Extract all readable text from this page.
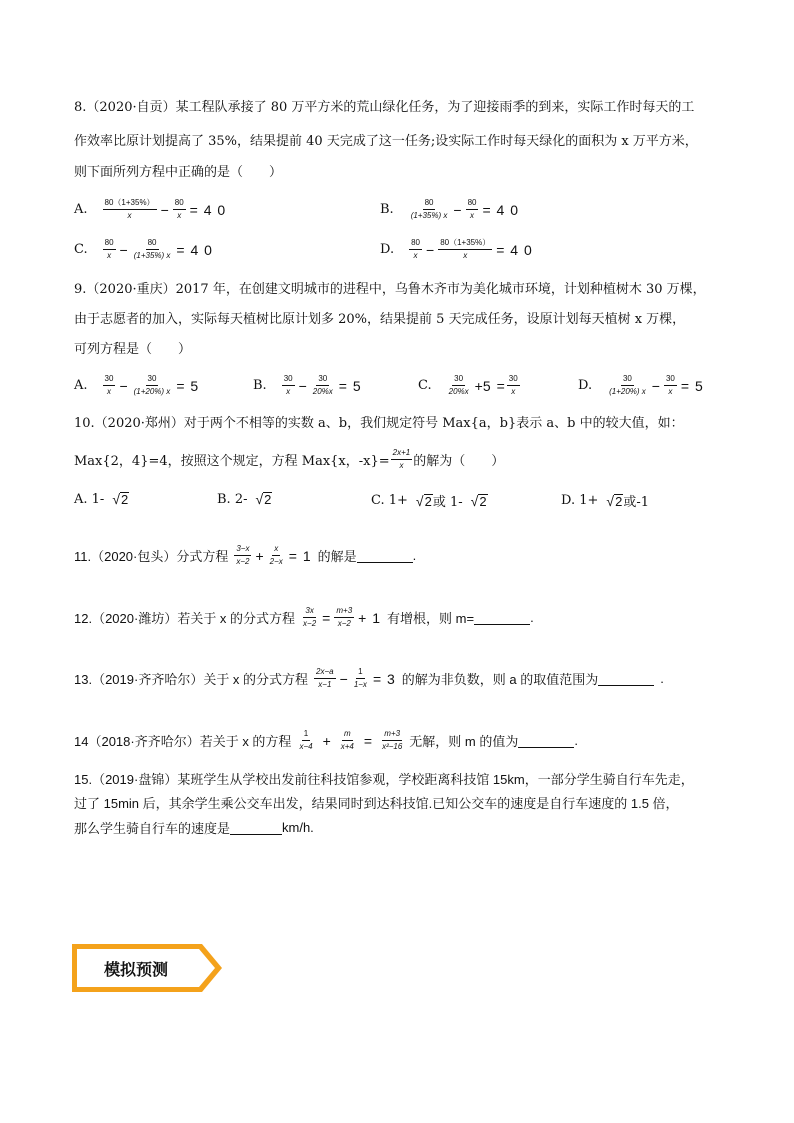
8.（2020·自贡）某工程队承接了 80 万平方米的荒山绿化任务，为了迎接雨季的到来，实际工作时每天的工
作效率比原计划提高了 35%，结果提前 40 天完成了这一任务;设实际工作时每天绿化的面积为 x 万平方米，
则下面所列方程中正确的是（　　）
A. $\frac{80(1+35\%)}{x} - \frac{80}{x} = 4$ 0	B. $\frac{80}{(1+35\%) x} - \frac{80}{x} = 4$ 0
C. $\frac{80}{x} - \frac{80}{(1+35\%) x} = 4$ 0	D. $\frac{80}{x} - \frac{80(1+35\%)}{x} = 4$ 0
9.（2020·重庆）2017 年，在创建文明城市的进程中，乌鲁木齐市为美化城市环境，计划种植树木 30 万棵，
由于志愿者的加入，实际每天植树比原计划多 20%，结果提前 5 天完成任务，设原计划每天植树 x 万棵，
可列方程是（　　）
A. $\frac{30}{x} - \frac{30}{(1+20\%) x} = 5$	B. $\frac{30}{x} - \frac{30}{20\%x} = 5$	C. $\frac{30}{20\%x} +5 = \frac{30}{x}$	D. $\frac{30}{(1+20\%) x} - \frac{30}{x} = 5$
10.（2020·郑州）对于两个不相等的实数 a、b，我们规定符号 Max{a，b}表示 a、b 中的较大值，如：
Max{2，4}=4，按照这个规定，方程 Max{x，$-x\}= \frac{2x+1}{x}$ 的解为（　　）
A. 1- √ 2	B. 2- √ 2	C. 1+ √ 2 或 1- √ 2	D. 1+ √ 2 或-1
11.（2020·包头）分式方程 $\frac{3-x}{x-2} + \frac{x}{2-x} = 1$ 的解是	.
12.（2020·潍坊）若关于 x 的分式方程 $\frac{3x}{x-2} = \frac{m+3}{x-2} + 1$ 有增根，则 m=	.
13.（2019·齐齐哈尔）关于 x 的分式方程 $\frac{2x-a}{x-1} - \frac{1}{1-x} = 3$ 的解为非负数，则 a 的取值范围为	.
14（2018·齐齐哈尔）若关于 x 的方程 $\frac{1}{x-4} + \frac{m}{x+4} = \frac{m+3}{\text{x²−16}}$ 无解，则 m 的值为	.
15.（2019·盘锦）某班学生从学校出发前往科技馆参观，学校距离科技馆 15km，一部分学生骑自行车先走，
过了 15min 后，其余学生乘公交车出发，结果同时到达科技馆.已知公交车的速度是自行车速度的 1.5 倍，
那么学生骑自行车的速度是	km/h.
模拟预测
